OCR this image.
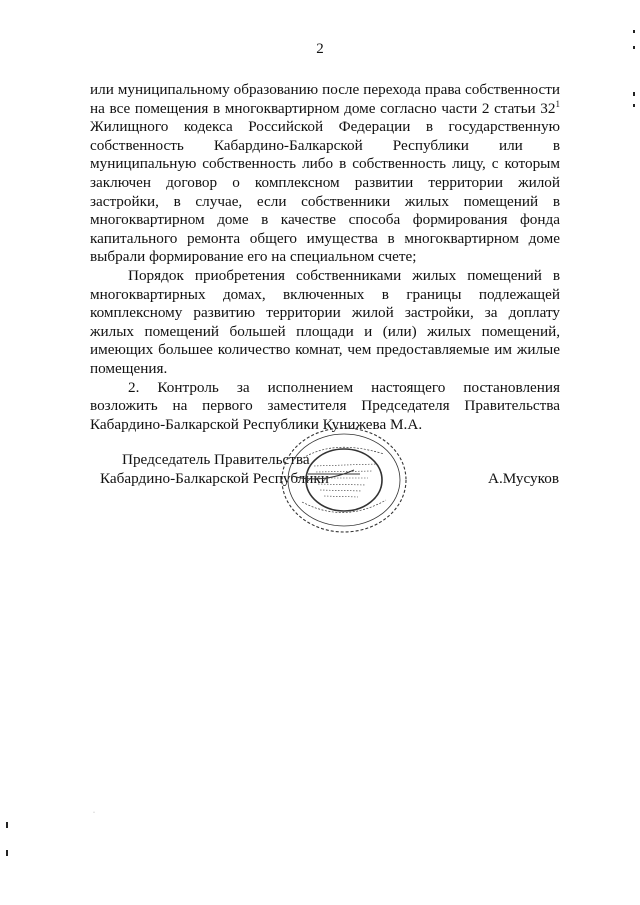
2

или муниципальному образованию после перехода права собственности на все помещения в многоквартирном доме согласно части 2 статьи $32^1$ Жилищного кодекса Российской Федерации в государственную собственность Кабардино-Балкарской Республики или в муниципальную собственность либо в собственность лицу, с которым заключен договор о комплексном развитии территории жилой застройки, в случае, если собственники жилых помещений в многоквартирном доме в качестве способа формирования фонда капитального ремонта общего имущества в многоквартирном доме выбрали формирование его на специальном счете;

Порядок приобретения собственниками жилых помещений в многоквартирных домах, включенных в границы подлежащей комплексному развитию территории жилой застройки, за доплату жилых помещений большей площади и (или) жилых помещений, имеющих большее количество комнат, чем предоставляемые им жилые помещения.

2. Контроль за исполнением настоящего постановления возложить на первого заместителя Председателя Правительства Кабардино-Балкарской Республики Кунижева М.А.

Председатель Правительства
Кабардино-Балкарской Республики	А.Мусуков
·
